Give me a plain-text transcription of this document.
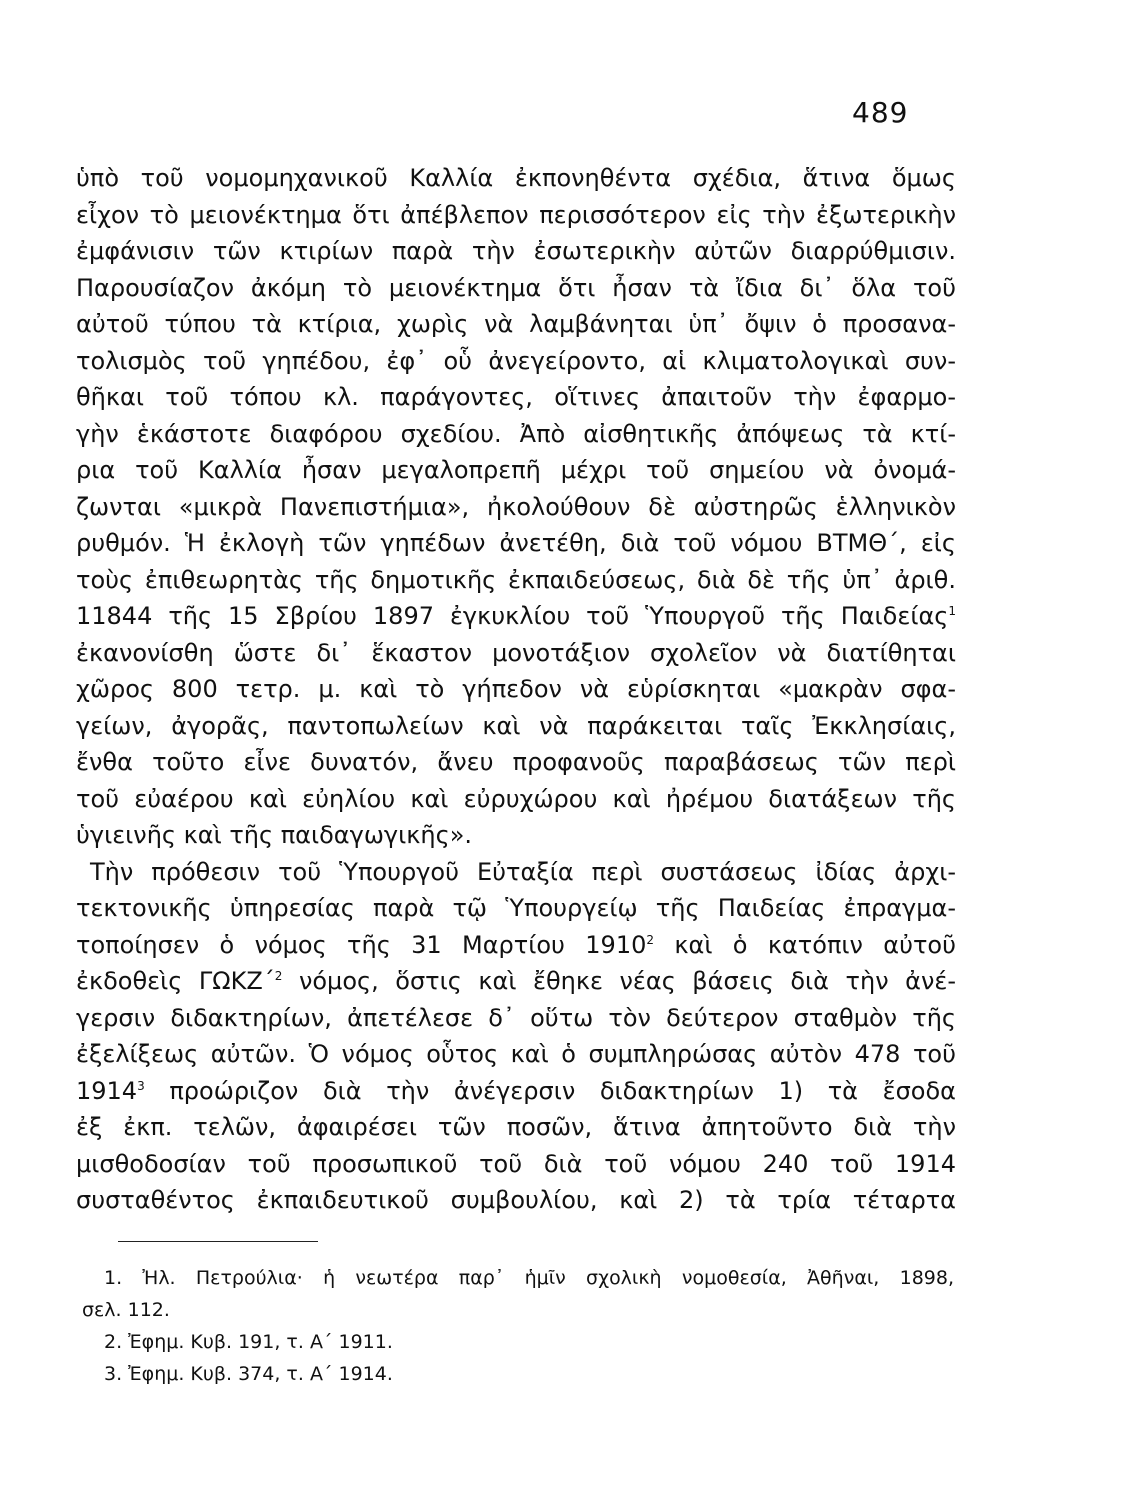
489
ὑπὸ τοῦ νομομηχανικοῦ Καλλία ἐκπονηθέντα σχέδια, ἅτινα ὅμως
εἶχον τὸ μειονέκτημα ὅτι ἀπέβλεπον περισσότερον εἰς τὴν ἐξωτερικὴν
ἐμφάνισιν τῶν κτιρίων παρὰ τὴν ἐσωτερικὴν αὐτῶν διαρρύθμισιν.
Παρουσίαζον ἀκόμη τὸ μειονέκτημα ὅτι ἦσαν τὰ ἴδια δι᾽ ὅλα τοῦ
αὐτοῦ τύπου τὰ κτίρια, χωρὶς νὰ λαμβάνηται ὑπ᾽ ὄψιν ὁ προσανα-
τολισμὸς τοῦ γηπέδου, ἐφ᾽ οὗ ἀνεγείροντο, αἱ κλιματολογικαὶ συν-
θῆκαι τοῦ τόπου κλ. παράγοντες, οἵτινες ἀπαιτοῦν τὴν ἐφαρμο-
γὴν ἑκάστοτε διαφόρου σχεδίου. Ἀπὸ αἰσθητικῆς ἀπόψεως τὰ κτί-
ρια τοῦ Καλλία ἦσαν μεγαλοπρεπῆ μέχρι τοῦ σημείου νὰ ὀνομά-
ζωνται «μικρὰ Πανεπιστήμια», ἠκολούθουν δὲ αὐστηρῶς ἑλληνικὸν
ρυθμόν. Ἡ ἐκλογὴ τῶν γηπέδων ἀνετέθη, διὰ τοῦ νόμου ΒΤΜΘ΄, εἰς
τοὺς ἐπιθεωρητὰς τῆς δημοτικῆς ἐκπαιδεύσεως, διὰ δὲ τῆς ὑπ᾽ ἀριθ.
11844 τῆς 15 Σβρίου 1897 ἐγκυκλίου τοῦ Ὑπουργοῦ τῆς Παιδείας$^1$
ἐκανονίσθη ὥστε δι᾽ ἕκαστον μονοτάξιον σχολεῖον νὰ διατίθηται
χῶρος 800 τετρ. μ. καὶ τὸ γήπεδον νὰ εὑρίσκηται «μακρὰν σφα-
γείων, ἀγορᾶς, παντοπωλείων καὶ νὰ παράκειται ταῖς Ἐκκλησίαις,
ἔνθα τοῦτο εἶνε δυνατόν, ἄνευ προφανοῦς παραβάσεως τῶν περὶ
τοῦ εὐαέρου καὶ εὐηλίου καὶ εὐρυχώρου καὶ ἠρέμου διατάξεων τῆς
ὑγιεινῆς καὶ τῆς παιδαγωγικῆς».
Τὴν πρόθεσιν τοῦ Ὑπουργοῦ Εὐταξία περὶ συστάσεως ἰδίας ἀρχι-
τεκτονικῆς ὑπηρεσίας παρὰ τῷ Ὑπουργείῳ τῆς Παιδείας ἐπραγμα-
τοποίησεν ὁ νόμος τῆς 31 Μαρτίου 1910$^2$ καὶ ὁ κατόπιν αὐτοῦ
ἐκδοθεὶς ΓΩΚΖ΄$^2$ νόμος, ὅστις καὶ ἔθηκε νέας βάσεις διὰ τὴν ἀνέ-
γερσιν διδακτηρίων, ἀπετέλεσε δ᾽ οὕτω τὸν δεύτερον σταθμὸν τῆς
ἐξελίξεως αὐτῶν. Ὁ νόμος οὗτος καὶ ὁ συμπληρώσας αὐτὸν 478 τοῦ
1914$^3$ προώριζον διὰ τὴν ἀνέγερσιν διδακτηρίων 1) τὰ ἔσοδα
ἐξ ἐκπ. τελῶν, ἀφαιρέσει τῶν ποσῶν, ἅτινα ἀπητοῦντο διὰ τὴν
μισθοδοσίαν τοῦ προσωπικοῦ τοῦ διὰ τοῦ νόμου 240 τοῦ 1914
συσταθέντος ἐκπαιδευτικοῦ συμβουλίου, καὶ 2) τὰ τρία τέταρτα
1. Ἠλ. Πετρούλια· ἡ νεωτέρα παρ᾽ ἡμῖν σχολικὴ νομοθεσία, Ἀθῆναι, 1898,
σελ. 112.
2. Ἐφημ. Κυβ. 191, τ. Α΄ 1911.
3. Ἐφημ. Κυβ. 374, τ. Α΄ 1914.
